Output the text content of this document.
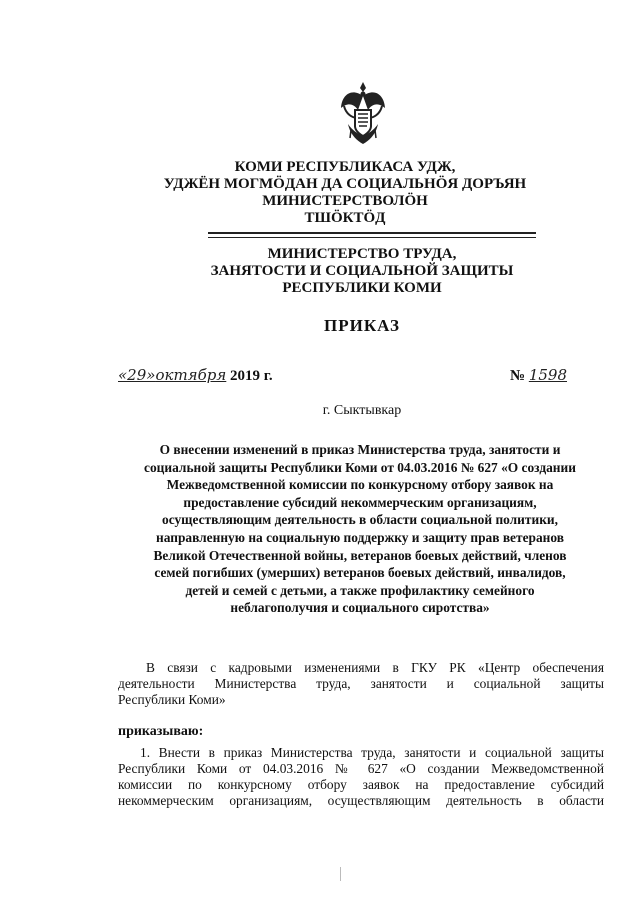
КОМИ РЕСПУБЛИКАСА УДЖ,
УДЖЁН МОГМÖДАН ДА СОЦИАЛЬНÖЯ ДОРЪЯН
МИНИСТЕРСТВОЛÖН
ТШÖКТÖД
МИНИСТЕРСТВО ТРУДА,
ЗАНЯТОСТИ И СОЦИАЛЬНОЙ ЗАЩИТЫ
РЕСПУБЛИКИ КОМИ
ПРИКАЗ
«29»октября 2019 г.	№ 1598
г. Сыктывкар
О внесении изменений в приказ Министерства труда, занятости и
социальной защиты Республики Коми от 04.03.2016 № 627 «О создании
Межведомственной комиссии по конкурсному отбору заявок на
предоставление субсидий некоммерческим организациям,
осуществляющим деятельность в области социальной политики,
направленную на социальную поддержку и защиту прав ветеранов
Великой Отечественной войны, ветеранов боевых действий, членов
семей погибших (умерших) ветеранов боевых действий, инвалидов,
детей и семей с детьми, а также профилактику семейного
неблагополучия и социального сиротства»
В связи с кадровыми изменениями в ГКУ РК «Центр обеспечения
деятельности Министерства труда, занятости и социальной защиты
Республики Коми»
приказываю:
1. Внести в приказ Министерства труда, занятости и социальной защиты
Республики Коми от 04.03.2016 № 627 «О создании Межведомственной
комиссии по конкурсному отбору заявок на предоставление субсидий
некоммерческим организациям, осуществляющим деятельность в области
